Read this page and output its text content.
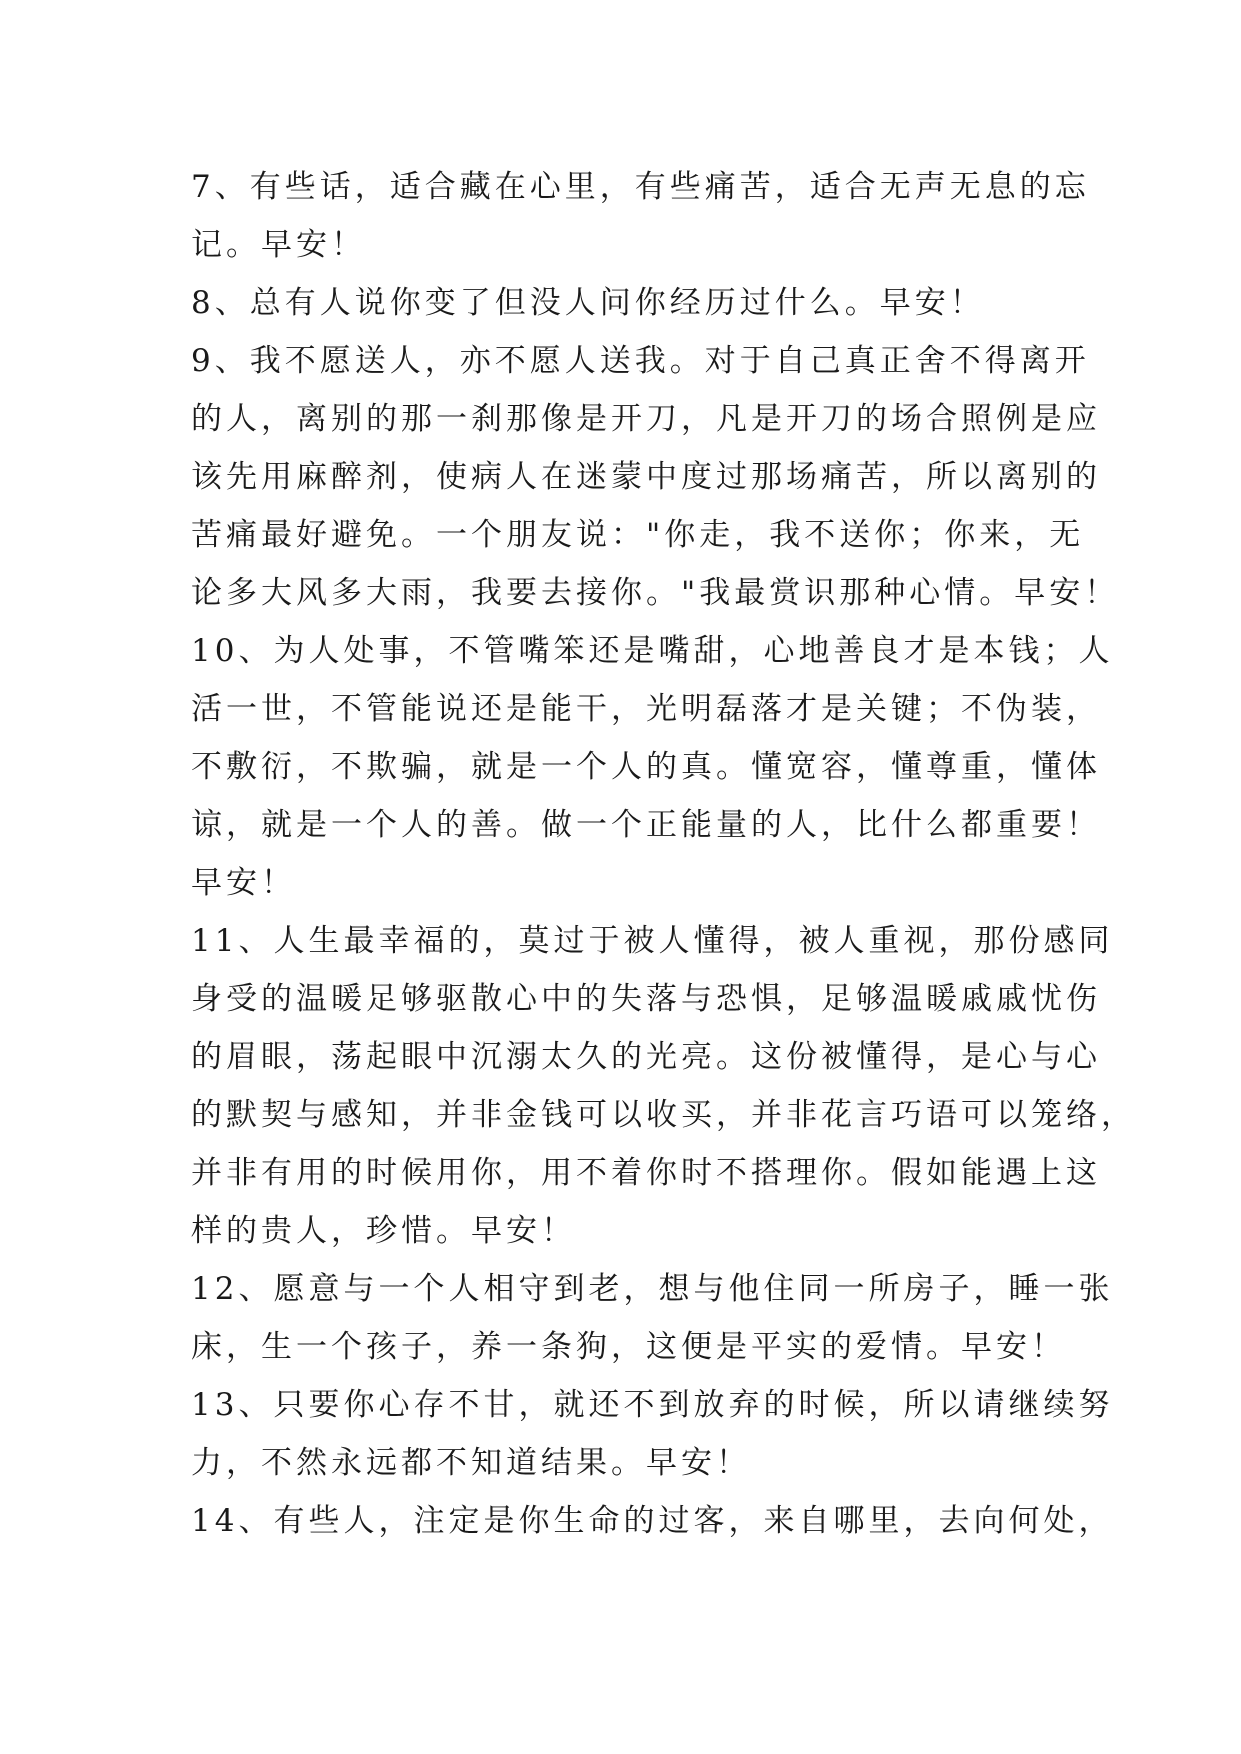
7、有些话，适合藏在心里，有些痛苦，适合无声无息的忘
记。早安！
8、总有人说你变了但没人问你经历过什么。早安！
9、我不愿送人，亦不愿人送我。对于自己真正舍不得离开
的人，离别的那一刹那像是开刀，凡是开刀的场合照例是应
该先用麻醉剂，使病人在迷蒙中度过那场痛苦，所以离别的
苦痛最好避免。一个朋友说："你走，我不送你；你来，无
论多大风多大雨，我要去接你。"我最赏识那种心情。早安！
10、为人处事，不管嘴笨还是嘴甜，心地善良才是本钱；人
活一世，不管能说还是能干，光明磊落才是关键；不伪装，
不敷衍，不欺骗，就是一个人的真。懂宽容，懂尊重，懂体
谅，就是一个人的善。做一个正能量的人，比什么都重要！
早安！
11、人生最幸福的，莫过于被人懂得，被人重视，那份感同
身受的温暖足够驱散心中的失落与恐惧，足够温暖戚戚忧伤
的眉眼，荡起眼中沉溺太久的光亮。这份被懂得，是心与心
的默契与感知，并非金钱可以收买，并非花言巧语可以笼络，
并非有用的时候用你，用不着你时不搭理你。假如能遇上这
样的贵人，珍惜。早安！
12、愿意与一个人相守到老，想与他住同一所房子，睡一张
床，生一个孩子，养一条狗，这便是平实的爱情。早安！
13、只要你心存不甘，就还不到放弃的时候，所以请继续努
力，不然永远都不知道结果。早安！
14、有些人，注定是你生命的过客，来自哪里，去向何处，
